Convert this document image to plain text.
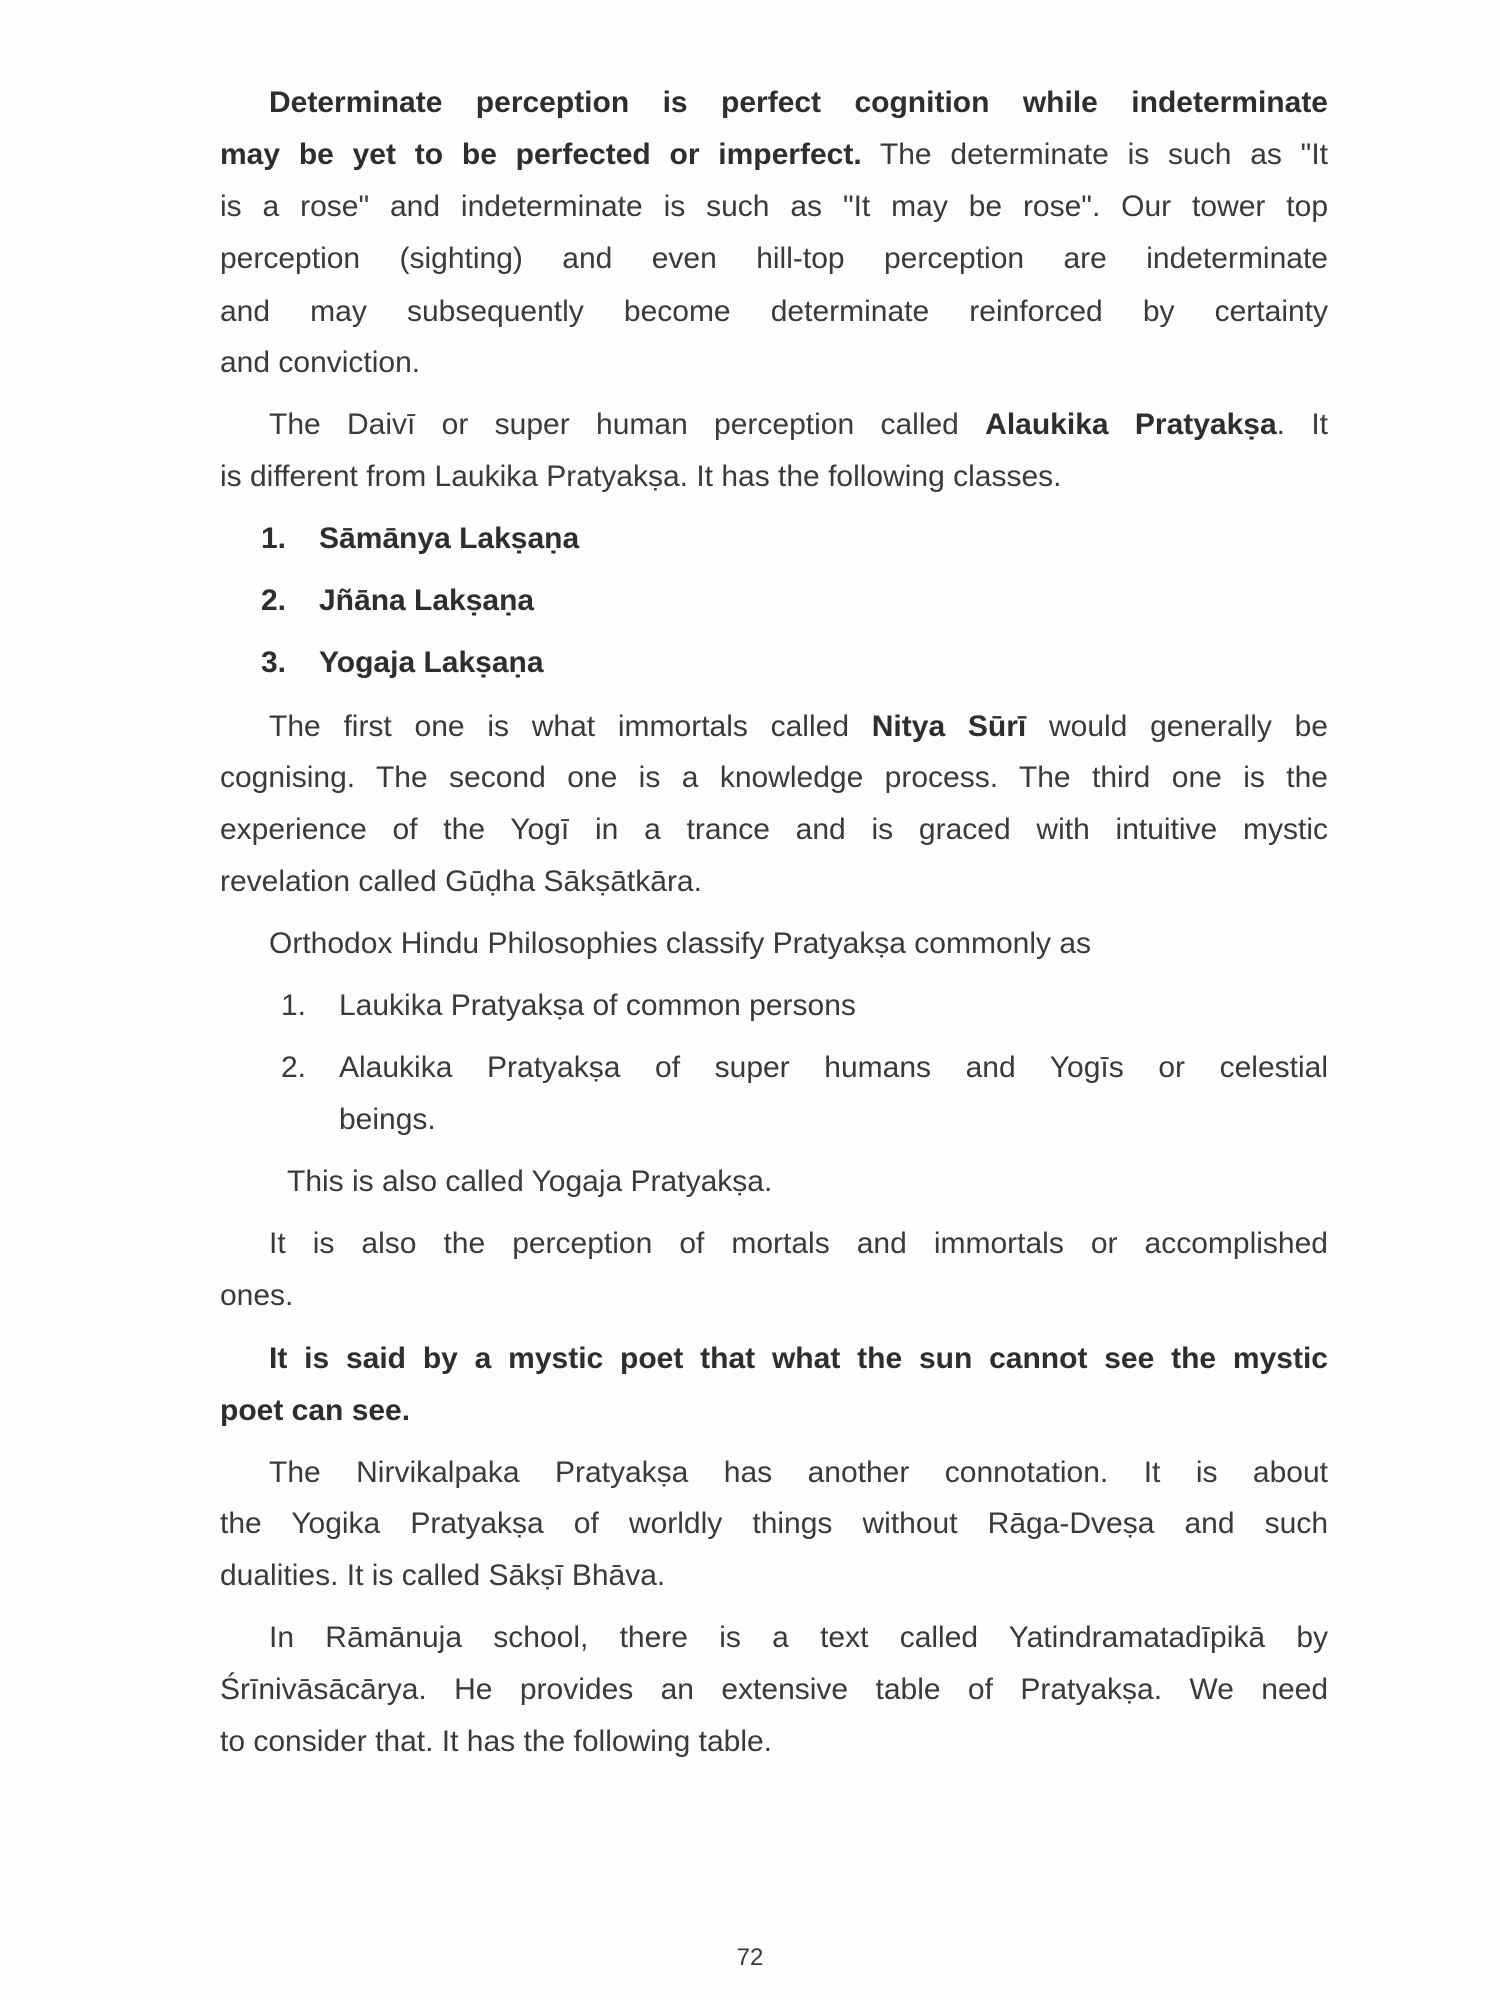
Determinate perception is perfect cognition while indeterminate
may be yet to be perfected or imperfect. The determinate is such as "It
is a rose" and indeterminate is such as "It may be rose". Our tower top
perception (sighting) and even hill-top perception are indeterminate
and may subsequently become determinate reinforced by certainty
and conviction.
The Daivī or super human perception called Alaukika Pratyakṣa. It
is different from Laukika Pratyakṣa. It has the following classes.
1. Sāmānya Lakṣaṇa
2. Jñāna Lakṣaṇa
3. Yogaja Lakṣaṇa
The first one is what immortals called Nitya Sūrī would generally be
cognising. The second one is a knowledge process. The third one is the
experience of the Yogī in a trance and is graced with intuitive mystic
revelation called Gūḍha Sākṣātkāra.
Orthodox Hindu Philosophies classify Pratyakṣa commonly as
1. Laukika Pratyakṣa of common persons
2. Alaukika Pratyakṣa of super humans and Yogīs or celestial
beings.
This is also called Yogaja Pratyakṣa.
It is also the perception of mortals and immortals or accomplished
ones.
It is said by a mystic poet that what the sun cannot see the mystic
poet can see.
The Nirvikalpaka Pratyakṣa has another connotation. It is about
the Yogika Pratyakṣa of worldly things without Rāga-Dveṣa and such
dualities. It is called Sākṣī Bhāva.
In Rāmānuja school, there is a text called Yatindramatadīpikā by
Śrīnivāsācārya. He provides an extensive table of Pratyakṣa. We need
to consider that. It has the following table.
72
